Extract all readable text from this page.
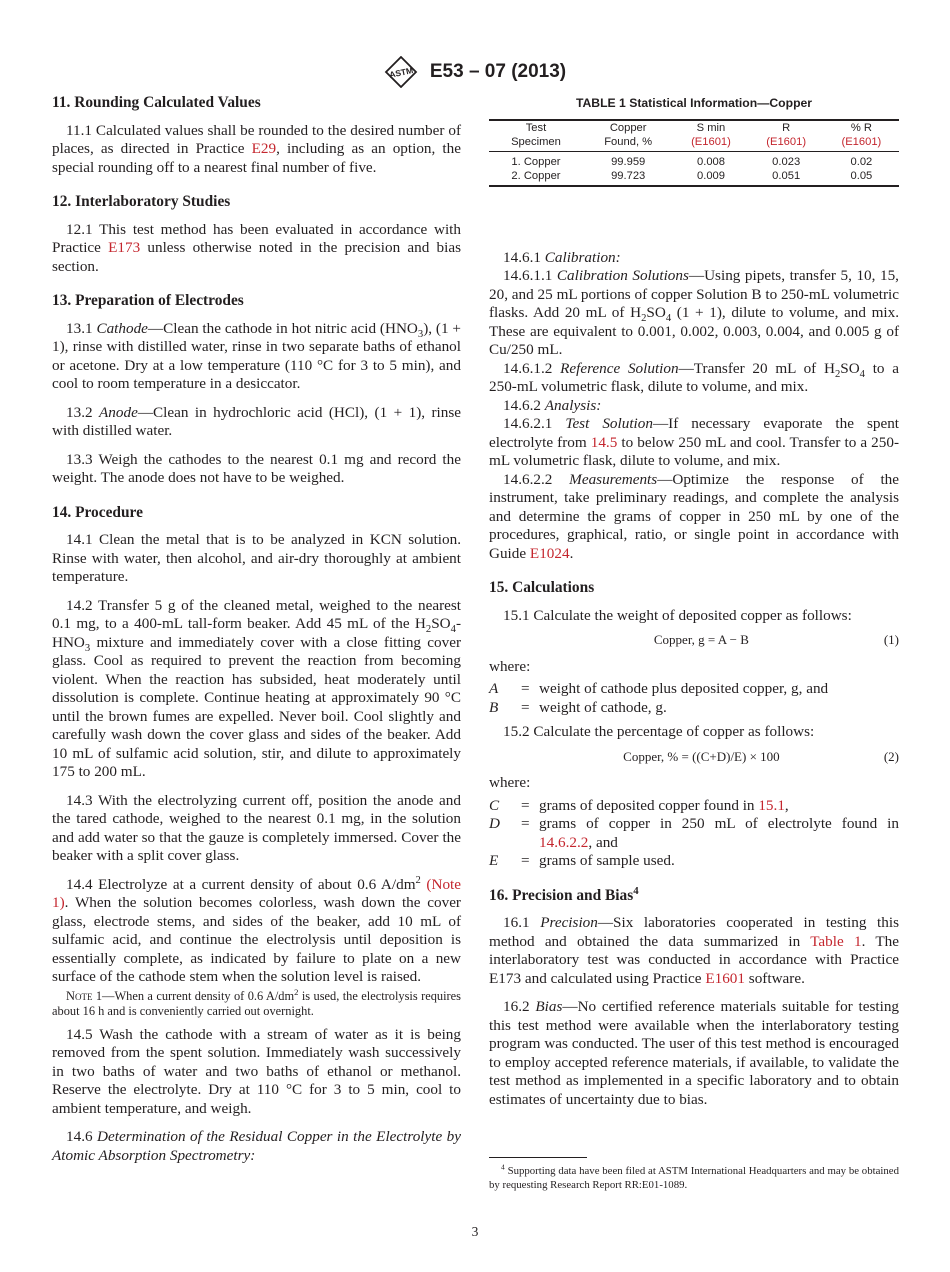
ASTM E53 – 07 (2013)
11. Rounding Calculated Values

11.1 Calculated values shall be rounded to the desired number of places, as directed in Practice E29, including as an option, the special rounding off to a nearest final number of five.

12. Interlaboratory Studies

12.1 This test method has been evaluated in accordance with Practice E173 unless otherwise noted in the precision and bias section.

13. Preparation of Electrodes

13.1 Cathode—Clean the cathode in hot nitric acid $(HNO_3)$, (1 + 1), rinse with distilled water, rinse in two separate baths of ethanol or acetone. Dry at a low temperature (110 °C for 3 to 5 min), and cool to room temperature in a desiccator.

13.2 Anode—Clean in hydrochloric acid (HCl), (1 + 1), rinse with distilled water.

13.3 Weigh the cathodes to the nearest 0.1 mg and record the weight. The anode does not have to be weighed.

14. Procedure

14.1 Clean the metal that is to be analyzed in KCN solution. Rinse with water, then alcohol, and air-dry thoroughly at ambient temperature.

14.2 Transfer 5 g of the cleaned metal, weighed to the nearest 0.1 mg, to a 400-mL tall-form beaker. Add 45 mL of the $H_2SO_4-HNO_3$ mixture and immediately cover with a close fitting cover glass. Cool as required to prevent the reaction from becoming violent. When the reaction has subsided, heat moderately until dissolution is complete. Continue heating at approximately 90 °C until the brown fumes are expelled. Never boil. Cool slightly and carefully wash down the cover glass and sides of the beaker. Add 10 mL of sulfamic acid solution, stir, and dilute to approximately 175 to 200 mL.

14.3 With the electrolyzing current off, position the anode and the tared cathode, weighed to the nearest 0.1 mg, in the solution and add water so that the gauze is completely immersed. Cover the beaker with a split cover glass.

14.4 Electrolyze at a current density of about 0.6 $A/dm^2$ (Note 1). When the solution becomes colorless, wash down the cover glass, electrode stems, and sides of the beaker, add 10 mL of sulfamic acid, and continue the electrolysis until deposition is essentially complete, as indicated by failure to plate on a new surface of the cathode stem when the solution level is raised.

Note 1—When a current density of 0.6 $A/dm^2$ is used, the electrolysis requires about 16 h and is conveniently carried out overnight.

14.5 Wash the cathode with a stream of water as it is being removed from the spent solution. Immediately wash successively in two baths of water and two baths of ethanol or methanol. Reserve the electrolyte. Dry at 110 °C for 3 to 5 min, cool to ambient temperature, and weigh.

14.6 Determination of the Residual Copper in the Electrolyte by Atomic Absorption Spectrometry:

TABLE 1 Statistical Information—Copper
Test	Copper	S min	R	% R
Specimen	Found, %	(E1601)	(E1601)	(E1601)
1. Copper	99.959	0.008	0.023	0.02
2. Copper	99.723	0.009	0.051	0.05

14.6.1 Calibration:

14.6.1.1 Calibration Solutions—Using pipets, transfer 5, 10, 15, 20, and 25 mL portions of copper Solution B to 250-mL volumetric flasks. Add 20 mL of $H_2SO_4$ (1 + 1), dilute to volume, and mix. These are equivalent to 0.001, 0.002, 0.003, 0.004, and 0.005 g of Cu/250 mL.

14.6.1.2 Reference Solution—Transfer 20 mL of $H_2SO_4$ to a 250-mL volumetric flask, dilute to volume, and mix.

14.6.2 Analysis:

14.6.2.1 Test Solution—If necessary evaporate the spent electrolyte from 14.5 to below 250 mL and cool. Transfer to a 250-mL volumetric flask, dilute to volume, and mix.

14.6.2.2 Measurements—Optimize the response of the instrument, take preliminary readings, and complete the analysis and determine the grams of copper in 250 mL by one of the procedures, graphical, ratio, or single point in accordance with Guide E1024.

15. Calculations

15.1 Calculate the weight of deposited copper as follows:

Copper, g = A − B	(1)

where:

A	= weight of cathode plus deposited copper, g, and
B	= weight of cathode, g.

15.2 Calculate the percentage of copper as follows:

Copper, % = ((C+D)/E) × 100	(2)

where:

C	= grams of deposited copper found in 15.1,
D	= grams of copper in 250 mL of electrolyte found in 14.6.2.2, and
E	= grams of sample used.
16. Precision and Bias$^4$

16.1 Precision—Six laboratories cooperated in testing this method and obtained the data summarized in Table 1. The interlaboratory test was conducted in accordance with Practice E173 and calculated using Practice E1601 software.

16.2 Bias—No certified reference materials suitable for testing this test method were available when the interlaboratory testing program was conducted. The user of this test method is encouraged to employ accepted reference materials, if available, to validate the test method as implemented in a specific laboratory and to obtain estimates of uncertainty due to bias.

$^4$ Supporting data have been filed at ASTM International Headquarters and may be obtained by requesting Research Report RR:E01-1089.

3
